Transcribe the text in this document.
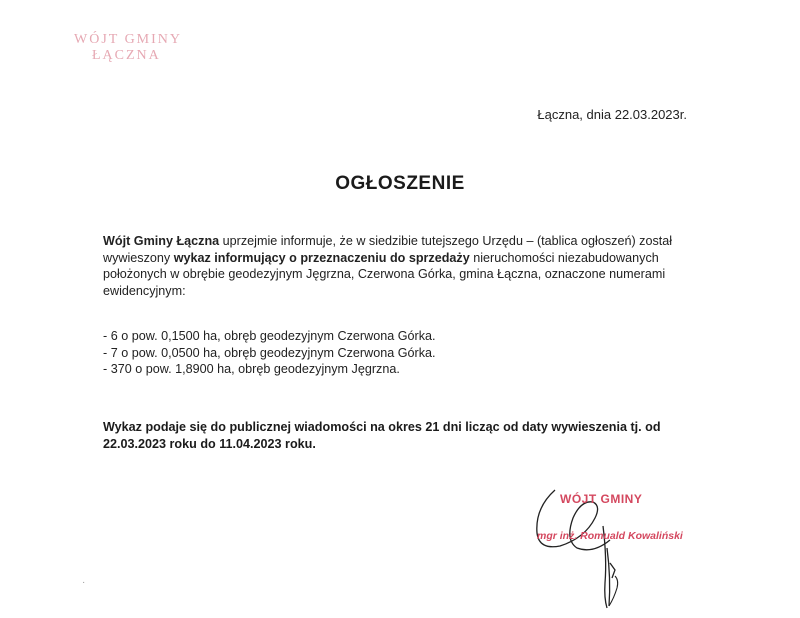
WÓJT GMINY
ŁĄCZNA
Łączna, dnia 22.03.2023r.
OGŁOSZENIE

Wójt Gminy Łączna uprzejmie informuje, że w siedzibie tutejszego Urzędu – (tablica ogłoszeń) został wywieszony wykaz informujący o przeznaczeniu do sprzedaży nieruchomości niezabudowanych położonych w obrębie geodezyjnym Jęgrzna, Czerwona Górka, gmina Łączna, oznaczone numerami ewidencyjnym:

- 6 o pow. 0,1500 ha, obręb geodezyjnym Czerwona Górka.
- 7 o pow. 0,0500 ha, obręb geodezyjnym Czerwona Górka.
- 370 o pow. 1,8900 ha, obręb geodezyjnym Jęgrzna.
Wykaz podaje się do publicznej wiadomości na okres 21 dni licząc od daty wywieszenia tj. od 22.03.2023 roku do 11.04.2023 roku.
WÓJT GMINY
mgr inż. Romuald Kowaliński
·
